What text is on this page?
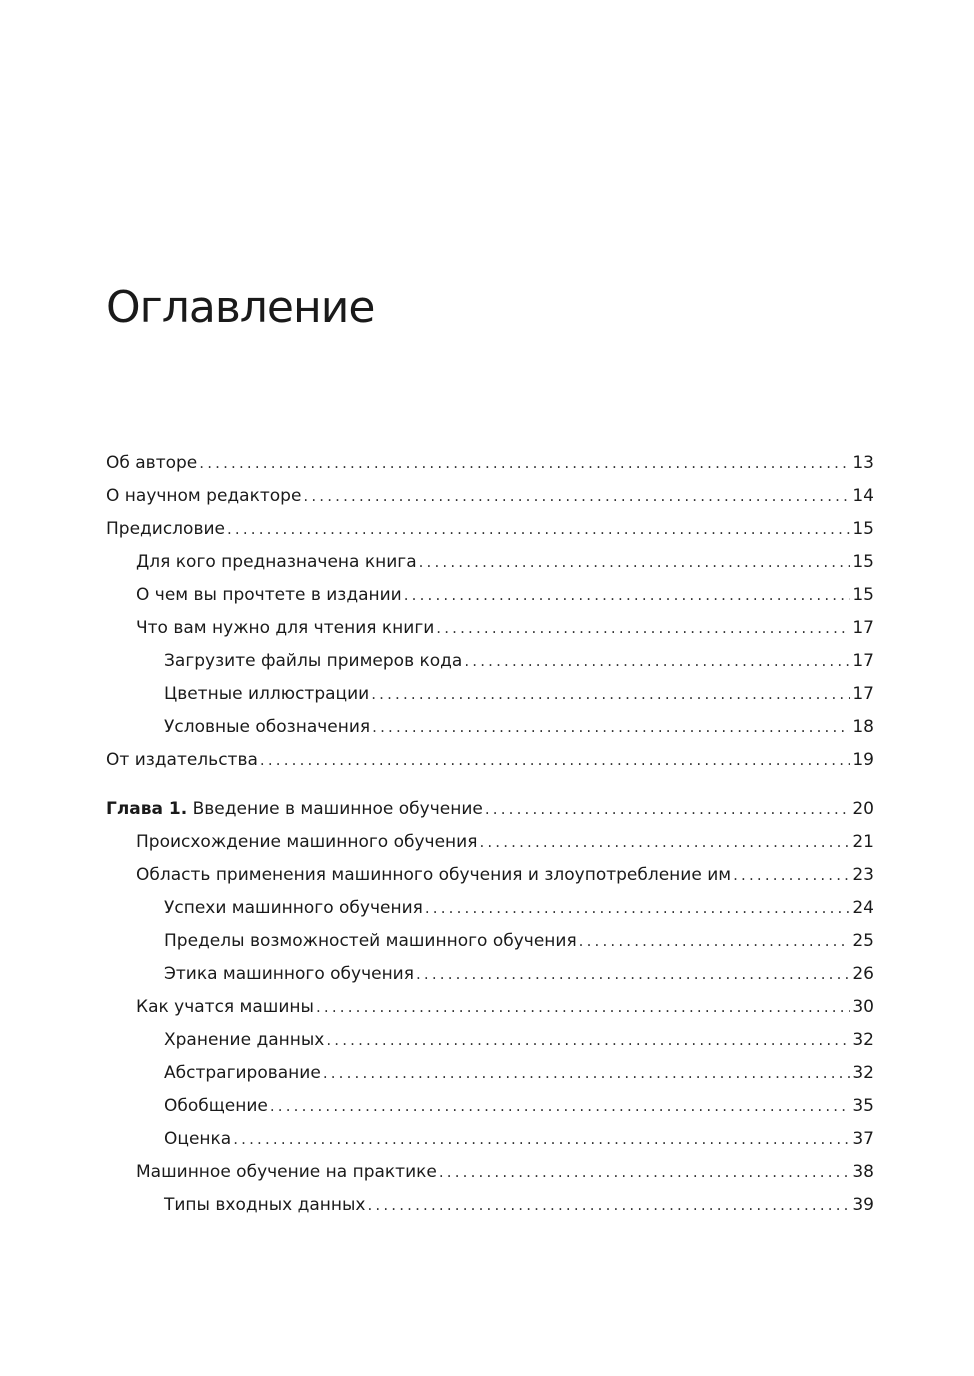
Оглавление
Об авторе . . .	13
О научном редакторе . . .	14
Предисловие . . .	15
Для кого предназначена книга . . .	15
О чем вы прочтете в издании . . .	15
Что вам нужно для чтения книги . . .	17
Загрузите файлы примеров кода . . .	17
Цветные иллюстрации . . .	17
Условные обозначения . . .	18
От издательства . . .	19
Глава 1. Введение в машинное обучение . . .	20
Происхождение машинного обучения . . .	21
Область применения машинного обучения и злоупотребление им . . .	23
Успехи машинного обучения . . .	24
Пределы возможностей машинного обучения . . .	25
Этика машинного обучения . . .	26
Как учатся машины . . .	30
Хранение данных . . .	32
Абстрагирование . . .	32
Обобщение . . .	35
Оценка . . .	37
Машинное обучение на практике . . .	38
Типы входных данных . . .	39
